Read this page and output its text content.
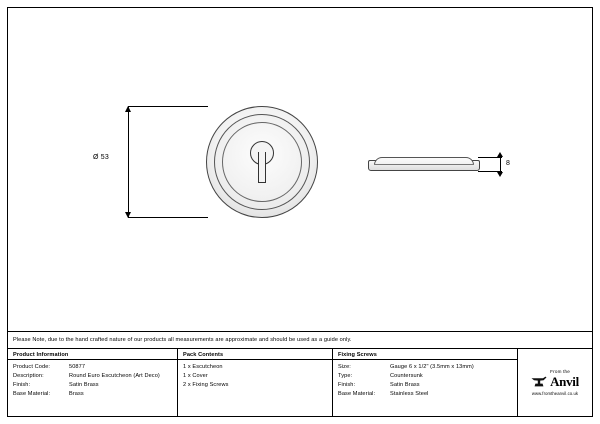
Ø 53
8
Please Note, due to the hand crafted nature of our products all measurements are approximate and should be used as a guide only.
Product Information
Product Code:	50877
Description:	Round Euro Escutcheon (Art Deco)
Finish:	Satin Brass
Base Material:	Brass
Pack Contents
1 x Escutcheon
1 x Cover
2 x Fixing Screws
Fixing Screws
Size:	Gauge 6 x 1/2" (3.5mm x 13mm)
Type:	Countersunk
Finish:	Satin Brass
Base Material:	Stainless Steel
From the
Anvil
www.fromtheanvil.co.uk
